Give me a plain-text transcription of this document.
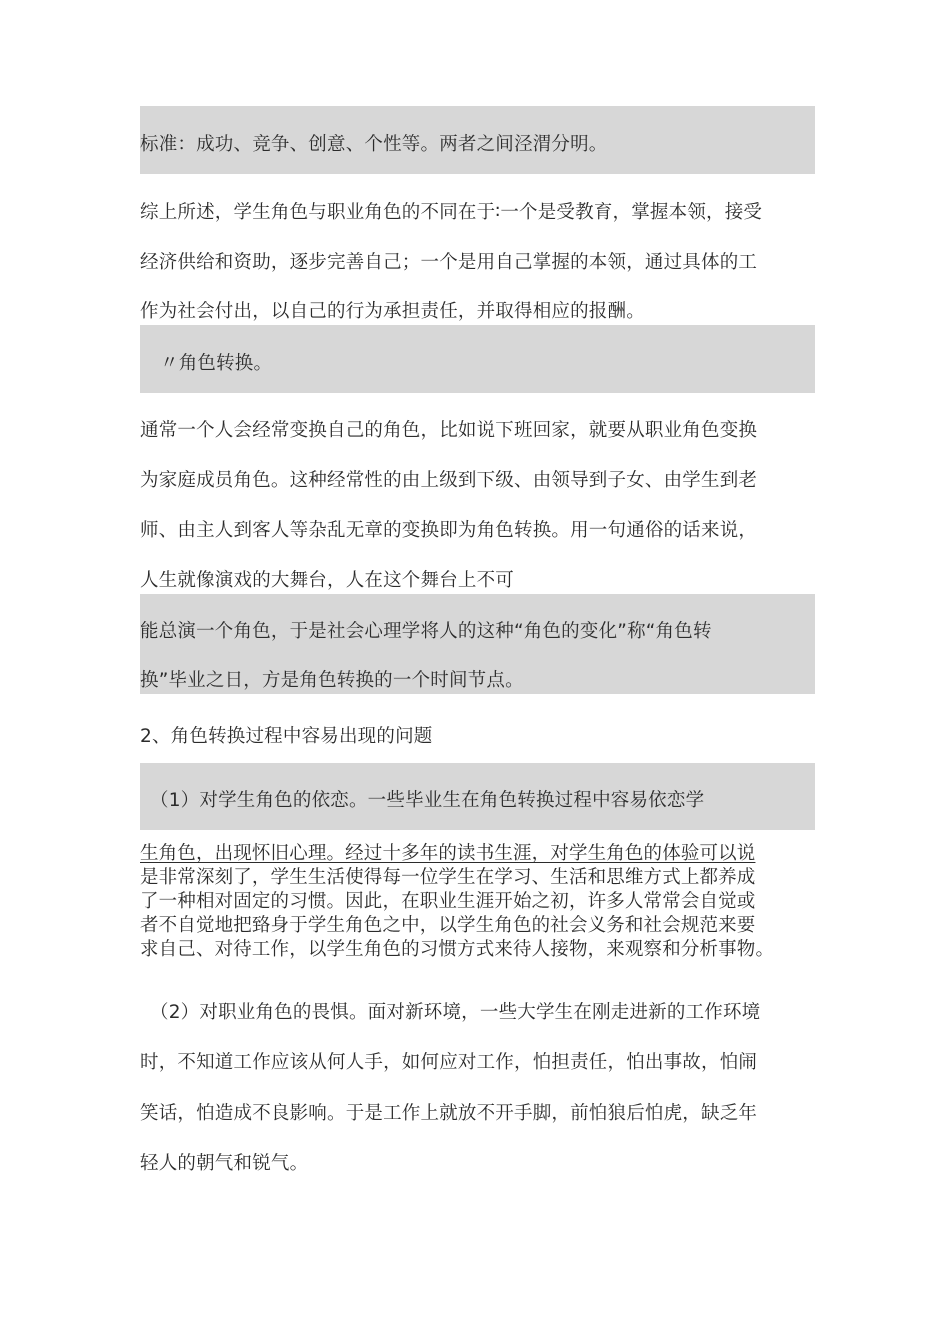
标准：成功、竞争、创意、个性等。两者之间泾渭分明。
综上所述，学生角色与职业角色的不同在于∶一个是受教育，掌握本领，接受
经济供给和资助，逐步完善自己；一个是用自己掌握的本领，通过具体的工
作为社会付出，以自己的行为承担责任，并取得相应的报酬。
〃角色转换。
通常一个人会经常变换自己的角色，比如说下班回家，就要从职业角色变换
为家庭成员角色。这种经常性的由上级到下级、由领导到子女、由学生到老
师、由主人到客人等杂乱无章的变换即为角色转换。用一句通俗的话来说，
人生就像演戏的大舞台，人在这个舞台上不可
能总演一个角色，于是社会心理学将人的这种“角色的变化”称“角色转
换”毕业之日，方是角色转换的一个时间节点。
2、角色转换过程中容易出现的问题
（1）对学生角色的依恋。一些毕业生在角色转换过程中容易依恋学
生角色，出现怀旧心理。经过十多年的读书生涯，对学生角色的体验可以说
是非常深刻了，学生生活使得每一位学生在学习、生活和思维方式上都养成
了一种相对固定的习惯。因此，在职业生涯开始之初，许多人常常会自觉或
者不自觉地把臵身于学生角色之中，以学生角色的社会义务和社会规范来要
求自己、对待工作，以学生角色的习惯方式来待人接物，来观察和分析事物。
（2）对职业角色的畏惧。面对新环境，一些大学生在刚走进新的工作环境
时，不知道工作应该从何人手，如何应对工作，怕担责任，怕出事故，怕闹
笑话，怕造成不良影响。于是工作上就放不开手脚，前怕狼后怕虎，缺乏年
轻人的朝气和锐气。
